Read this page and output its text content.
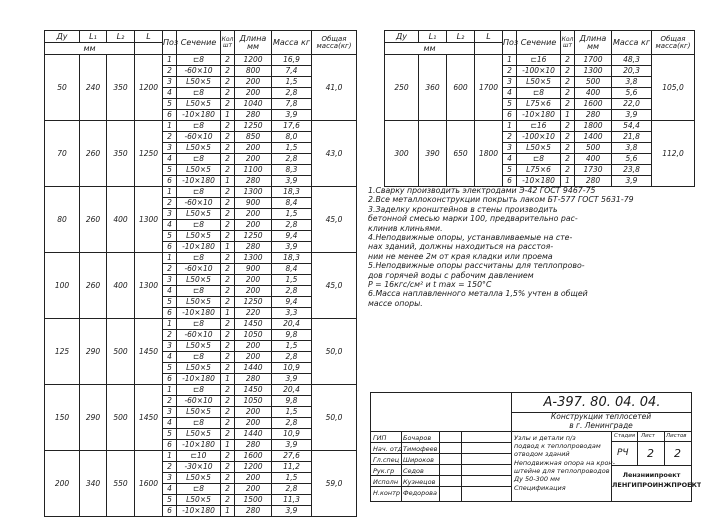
Ду	L₁	L₂	L	Поз	Сечение	Кол шт	Длина мм	Масса кг	Общая масса(кг)
мм									
50	240	350	1200	1	⊏8	2	1200	16,9	41,0
				2	-60×10	2	800	7,4	
				3	L50×5	2	200	1,5	
				4	⊏8	2	200	2,8	
				5	L50×5	2	1040	7,8	
				6	-10×180	1	280	3,9	
70	260	350	1250	1	⊏8	2	1250	17,6	43,0
				2	-60×10	2	850	8,0	
				3	L50×5	2	200	1,5	
				4	⊏8	2	200	2,8	
				5	L50×5	2	1100	8,3	
				6	-10×180	1	280	3,9	
80	260	400	1300	1	⊏8	2	1300	18,3	45,0
				2	-60×10	2	900	8,4	
				3	L50×5	2	200	1,5	
				4	⊏8	2	200	2,8	
				5	L50×5	2	1250	9,4	
				6	-10×180	1	280	3,9	
100	260	400	1300	1	⊏8	2	1300	18,3	45,0
				2	-60×10	2	900	8,4	
				3	L50×5	2	200	1,5	
				4	⊏8	2	200	2,8	
				5	L50×5	2	1250	9,4	
				6	-10×180	1	220	3,3	
125	290	500	1450	1	⊏8	2	1450	20,4	50,0
				2	-60×10	2	1050	9,8	
				3	L50×5	2	200	1,5	
				4	⊏8	2	200	2,8	
				5	L50×5	2	1440	10,9	
				6	-10×180	1	280	3,9	
150	290	500	1450	1	⊏8	2	1450	20,4	50,0
				2	-60×10	2	1050	9,8	
				3	L50×5	2	200	1,5	
				4	⊏8	2	200	2,8	
				5	L50×5	2	1440	10,9	
				6	-10×180	1	280	3,9	
200	340	550	1600	1	⊏10	2	1600	27,6	59,0
				2	-30×10	2	1200	11,2	
				3	L50×5	2	200	1,5	
				4	⊏8	2	200	2,8	
				5	L50×5	2	1500	11,3	
				6	-10×180	1	280	3,9	
Ду	L₁	L₂	L	Поз	Сечение	Кол шт	Длина мм	Масса кг	Общая масса(кг)
мм									
250	360	600	1700	1	⊏16	2	1700	48,3	105,0
				2	-100×10	2	1300	20,3	
				3	L50×5	2	500	3,8	
				4	⊏8	2	400	5,6	
				5	L75×6	2	1600	22,0	
				6	-10×180	1	280	3,9	
300	390	650	1800	1	⊏16	2	1800	54,4	112,0
				2	-100×10	2	1400	21,8	
				3	L50×5	2	500	3,8	
				4	⊏8	2	400	5,6	
				5	L75×6	2	1730	23,8	
				6	-10×180	1	280	3,9	
1.Сварку производить электродами Э-42 ГОСТ 9467-75
2.Все металлоконструкции покрыть лаком БТ-577 ГОСТ 5631-79
3.Заделку кронштейнов в стены производить
бетонной смесью марки 100, предварительно рас-
клинив клиньями.
4.Неподвижные опоры, устанавливаемые на сте-
нах зданий, должны находиться на расстоя-
нии не менее 2м от края кладки или проема
5.Неподвижные опоры рассчитаны для теплопрово-
дов горячей воды с рабочим давлением
P = 16кгс/см² и t max = 150°С
6.Масса наплавленного металла 1,5% учтен в общей
массе опоры.
А-397. 80. 04. 04.
Конструкции теплосетей
в г. Ленинграде
ГИП	Бочаров
Нач. отд Тимофеев
Гл.спец Широков
Рук.гр Седов
Исполн Кузнецов
Н.контр Федорова
Узлы и детали п/з
подвод к теплопроводам
отводом зданий
Неподвижная опора на крон-
штейне для теплопроводов
Ду 50-300 мм
Спецификация
Стадия Лист Листов
РЧ 2 2
Лензниипроект
ЛЕНГИПРОИНЖПРОЕКТ
